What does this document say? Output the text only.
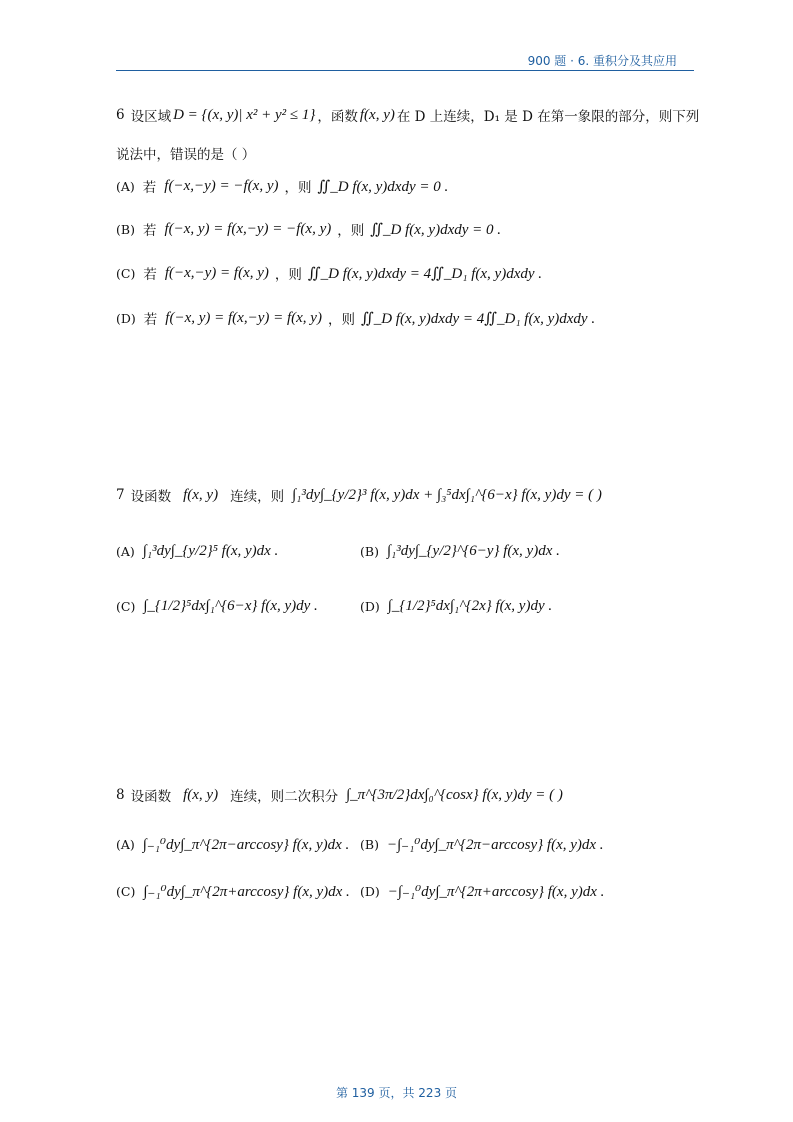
900 题 · 6. 重积分及其应用
6 设区域 D = {(x, y)| x² + y² ≤ 1} ，函数 f(x, y) 在 D 上连续，D₁ 是 D 在第一象限的部分，则下列
说法中，错误的是（ ）
(A) 若 f(−x,−y) = −f(x, y) ，则 ∬_D f(x, y)dxdy = 0 .
(B) 若 f(−x, y) = f(x,−y) = −f(x, y) ，则 ∬_D f(x, y)dxdy = 0 .
(C) 若 f(−x,−y) = f(x, y) ，则 ∬_D f(x, y)dxdy = 4∬_D₁ f(x, y)dxdy .
(D) 若 f(−x, y) = f(x,−y) = f(x, y) ，则 ∬_D f(x, y)dxdy = 4∬_D₁ f(x, y)dxdy .
7 设函数 f(x, y) 连续，则 ∫₁³dy∫_{y/2}³ f(x, y)dx + ∫₃⁵dx∫₁^{6−x} f(x, y)dy = ( )
(A) ∫₁³dy∫_{y/2}⁵ f(x, y)dx .	(B) ∫₁³dy∫_{y/2}^{6−y} f(x, y)dx .
(C) ∫_{1/2}⁵dx∫₁^{6−x} f(x, y)dy .	(D) ∫_{1/2}⁵dx∫₁^{2x} f(x, y)dy .
8 设函数 f(x, y) 连续，则二次积分 ∫_π^{3π/2}dx∫₀^{cosx} f(x, y)dy = ( )
(A) ∫₋₁⁰dy∫_π^{2π−arccosy} f(x, y)dx . (B) −∫₋₁⁰dy∫_π^{2π−arccosy} f(x, y)dx .
(C) ∫₋₁⁰dy∫_π^{2π+arccosy} f(x, y)dx . (D) −∫₋₁⁰dy∫_π^{2π+arccosy} f(x, y)dx .
第 139 页，共 223 页
